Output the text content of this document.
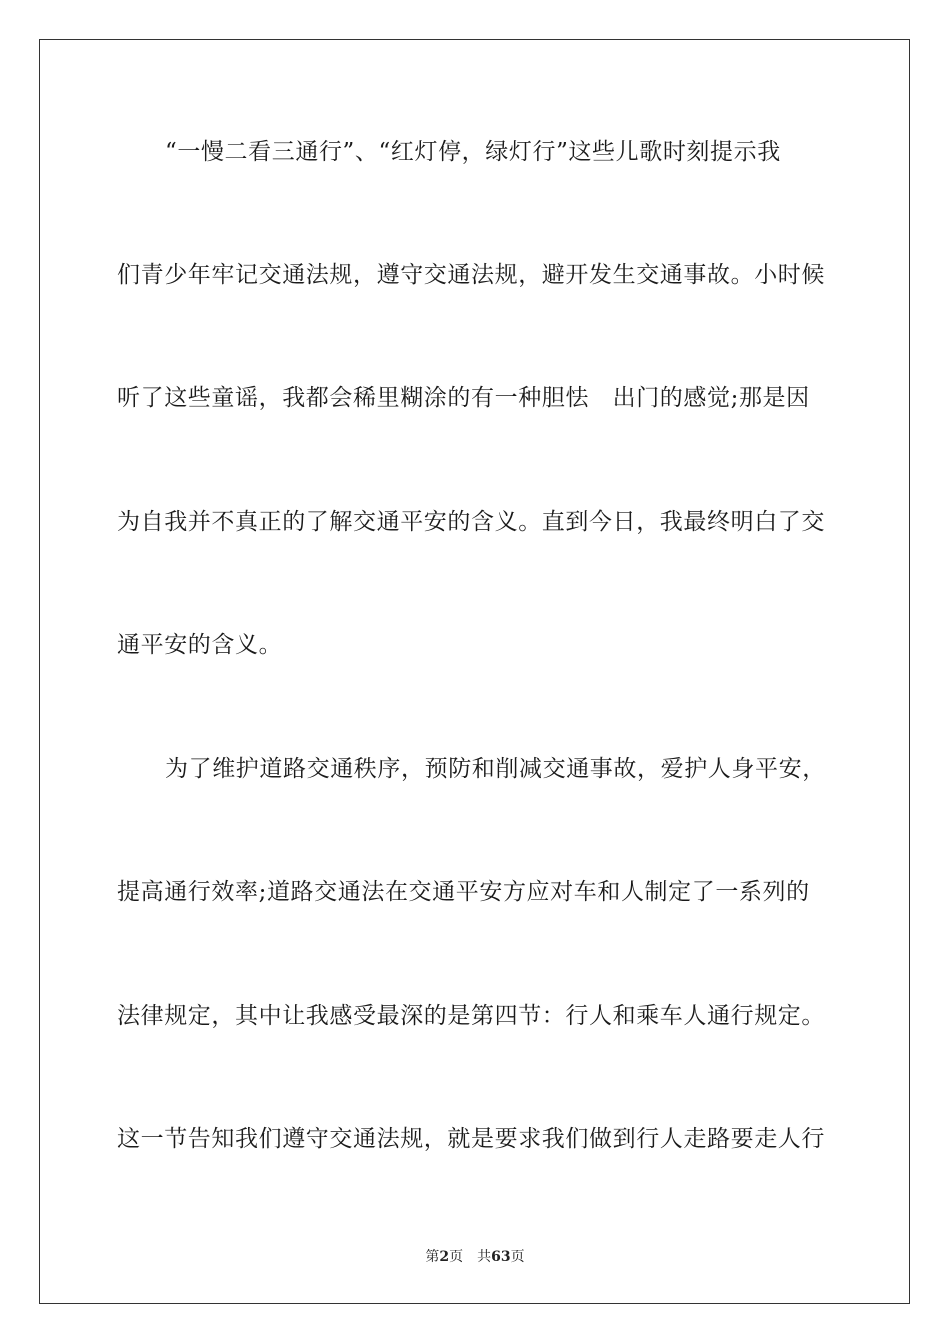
“一慢二看三通行”、“红灯停，绿灯行”这些儿歌时刻提示我
们青少年牢记交通法规，遵守交通法规，避开发生交通事故。小时候
听了这些童谣，我都会稀里糊涂的有一种胆怯　出门的感觉;那是因
为自我并不真正的了解交通平安的含义。直到今日，我最终明白了交
通平安的含义。
为了维护道路交通秩序，预防和削减交通事故，爱护人身平安，
提高通行效率;道路交通法在交通平安方应对车和人制定了一系列的
法律规定，其中让我感受最深的是第四节：行人和乘车人通行规定。
这一节告知我们遵守交通法规，就是要求我们做到行人走路要走人行
第2页　共63页
